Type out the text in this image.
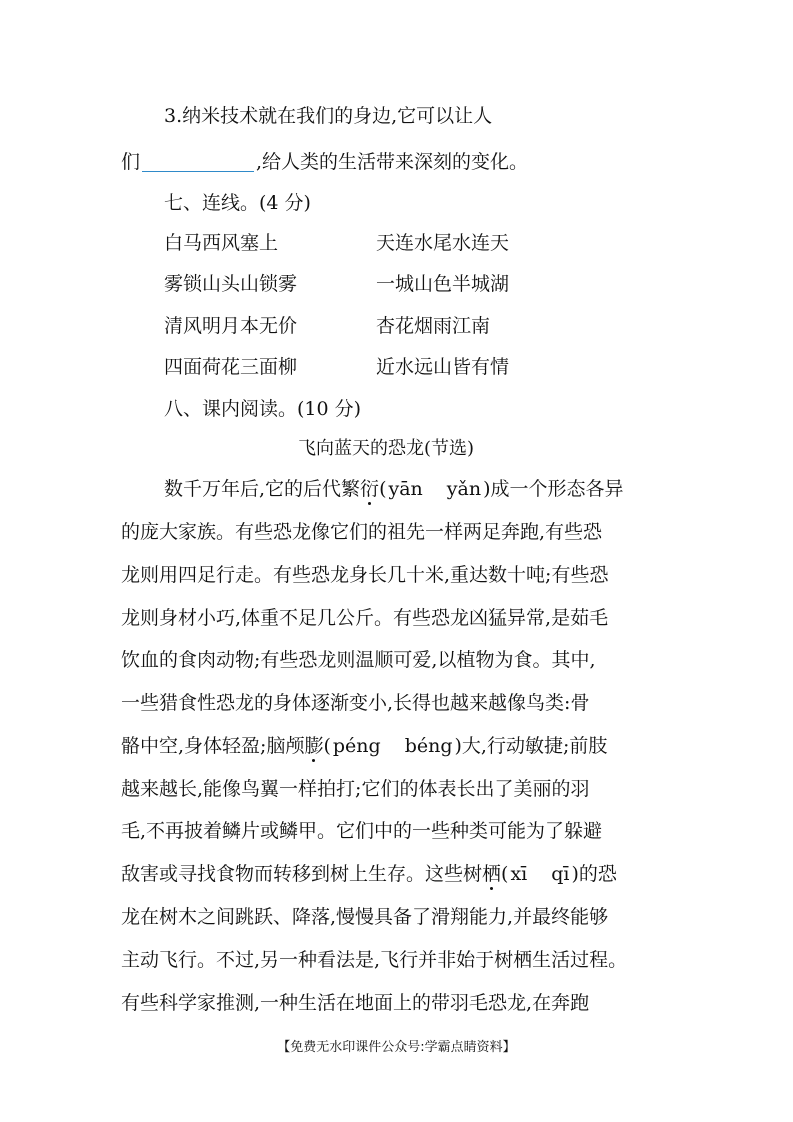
3.纳米技术就在我们的身边,它可以让人
们	,给人类的生活带来深刻的变化。
七、连线。(4 分)
白马西风塞上	天连水尾水连天
雾锁山头山锁雾	一城山色半城湖
清风明月本无价	杏花烟雨江南
四面荷花三面柳	近水远山皆有情
八、课内阅读。(10 分)
飞向蓝天的恐龙(节选)
数千万年后,它的后代繁衍( yān yǎn )成一个形态各异
的庞大家族。有些恐龙像它们的祖先一样两足奔跑,有些恐
龙则用四足行走。有些恐龙身长几十米,重达数十吨;有些恐
龙则身材小巧,体重不足几公斤。有些恐龙凶猛异常,是茹毛
饮血的食肉动物;有些恐龙则温顺可爱,以植物为食。其中,
一些猎食性恐龙的身体逐渐变小,长得也越来越像鸟类:骨
骼中空,身体轻盈;脑颅膨( péng béng )大,行动敏捷;前肢
越来越长,能像鸟翼一样拍打;它们的体表长出了美丽的羽
毛,不再披着鳞片或鳞甲。它们中的一些种类可能为了躲避
敌害或寻找食物而转移到树上生存。这些树栖( xī qī )的恐
龙在树木之间跳跃、降落,慢慢具备了滑翔能力,并最终能够
主动飞行。不过,另一种看法是,飞行并非始于树栖生活过程。
有些科学家推测,一种生活在地面上的带羽毛恐龙,在奔跑
【免费无水印课件公众号:学霸点睛资料】
